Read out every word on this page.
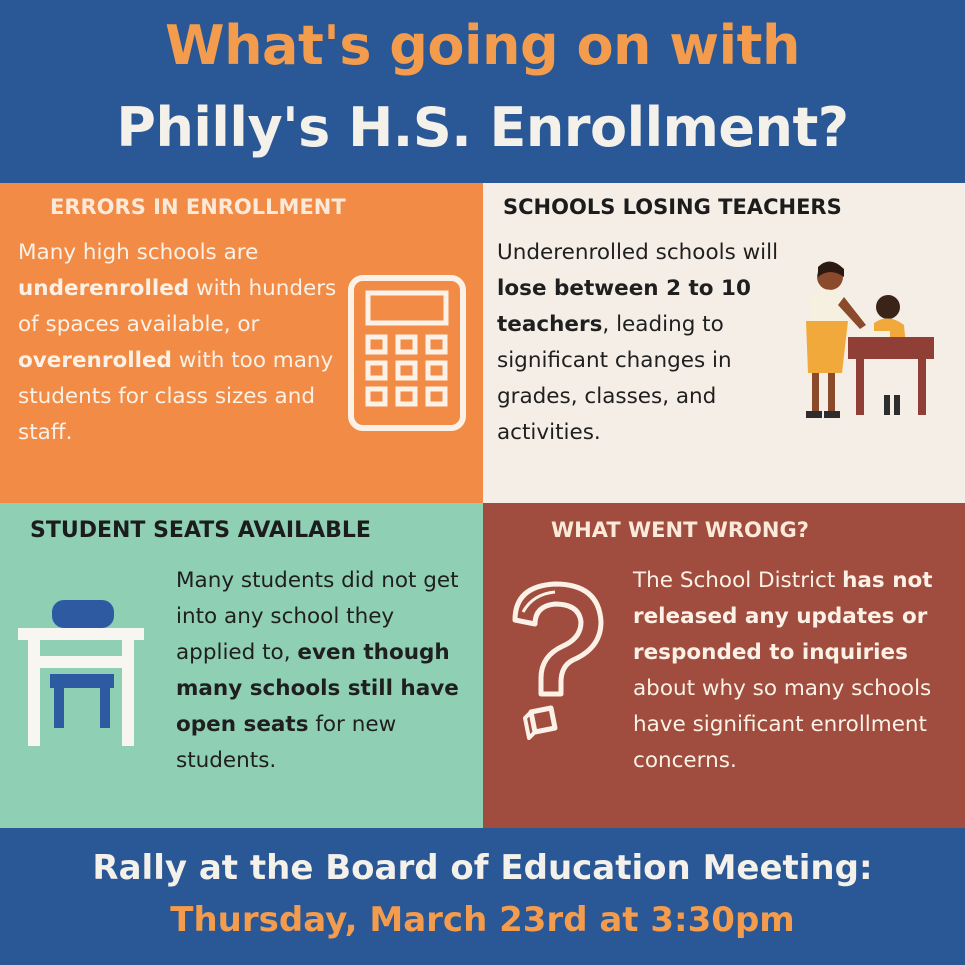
What's going on with
Philly's H.S. Enrollment?
ERRORS IN ENROLLMENT
Many high schools are underenrolled with hunders of spaces available, or overenrolled with too many students for class sizes and staff.
SCHOOLS LOSING TEACHERS
Underenrolled schools will lose between 2 to 10 teachers, leading to significant changes in grades, classes, and activities.
STUDENT SEATS AVAILABLE
Many students did not get into any school they applied to, even though many schools still have open seats for new students.
WHAT WENT WRONG?
The School District has not released any updates or responded to inquiries about why so many schools have significant enrollment concerns.
Rally at the Board of Education Meeting:
Thursday, March 23rd at 3:30pm
